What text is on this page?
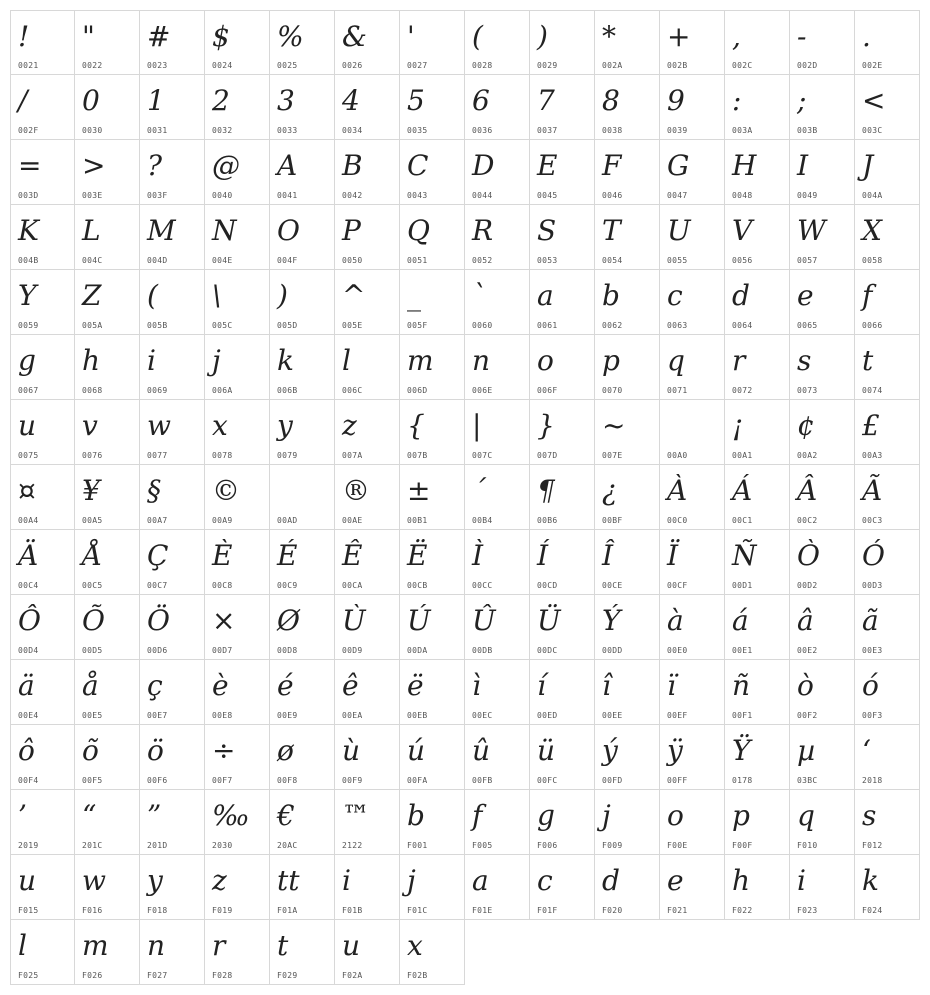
!
0021
"
0022
#
0023
$
0024
%
0025
&
0026
'
0027
(
0028
)
0029
*
002A
+
002B
,
002C
-
002D
.
002E
/
002F
0
0030
1
0031
2
0032
3
0033
4
0034
5
0035
6
0036
7
0037
8
0038
9
0039
:
003A
;
003B
<
003C
=
003D
>
003E
?
003F
@
0040
A
0041
B
0042
C
0043
D
0044
E
0045
F
0046
G
0047
H
0048
I
0049
J
004A
K
004B
L
004C
M
004D
N
004E
O
004F
P
0050
Q
0051
R
0052
S
0053
T
0054
U
0055
V
0056
W
0057
X
0058
Y
0059
Z
005A
(
005B
\
005C
)
005D
^
005E
_
005F
`
0060
a
0061
b
0062
c
0063
d
0064
e
0065
f
0066
g
0067
h
0068
i
0069
j
006A
k
006B
l
006C
m
006D
n
006E
o
006F
p
0070
q
0071
r
0072
s
0073
t
0074
u
0075
v
0076
w
0077
x
0078
y
0079
z
007A
{
007B
|
007C
}
007D
~
007E	00A0
¡
00A1
¢
00A2
£
00A3
¤
00A4
¥
00A5
§
00A7
©
00A9	00AD
®
00AE
±
00B1
´
00B4
¶
00B6
¿
00BF
À
00C0
Á
00C1
Â
00C2
Ã
00C3
Ä
00C4
Å
00C5
Ç
00C7
È
00C8
É
00C9
Ê
00CA
Ë
00CB
Ì
00CC
Í
00CD
Î
00CE
Ï
00CF
Ñ
00D1
Ò
00D2
Ó
00D3
Ô
00D4
Õ
00D5
Ö
00D6
×
00D7
Ø
00D8
Ù
00D9
Ú
00DA
Û
00DB
Ü
00DC
Ý
00DD
à
00E0
á
00E1
â
00E2
ã
00E3
ä
00E4
å
00E5
ç
00E7
è
00E8
é
00E9
ê
00EA
ë
00EB
ì
00EC
í
00ED
î
00EE
ï
00EF
ñ
00F1
ò
00F2
ó
00F3
ô
00F4
õ
00F5
ö
00F6
÷
00F7
ø
00F8
ù
00F9
ú
00FA
û
00FB
ü
00FC
ý
00FD
ÿ
00FF
Ÿ
0178
µ
03BC
‘
2018
’
2019
“
201C
”
201D
‰
2030
€
20AC
™
2122
b
F001
f
F005
g
F006
j
F009
o
F00E
p
F00F
q
F010
s
F012
u
F015
w
F016
y
F018
z
F019
tt
F01A
i
F01B
j
F01C
a
F01E
c
F01F
d
F020
e
F021
h
F022
i
F023
k
F024
l
F025
m
F026
n
F027
r
F028
t
F029
u
F02A
x
F02B
